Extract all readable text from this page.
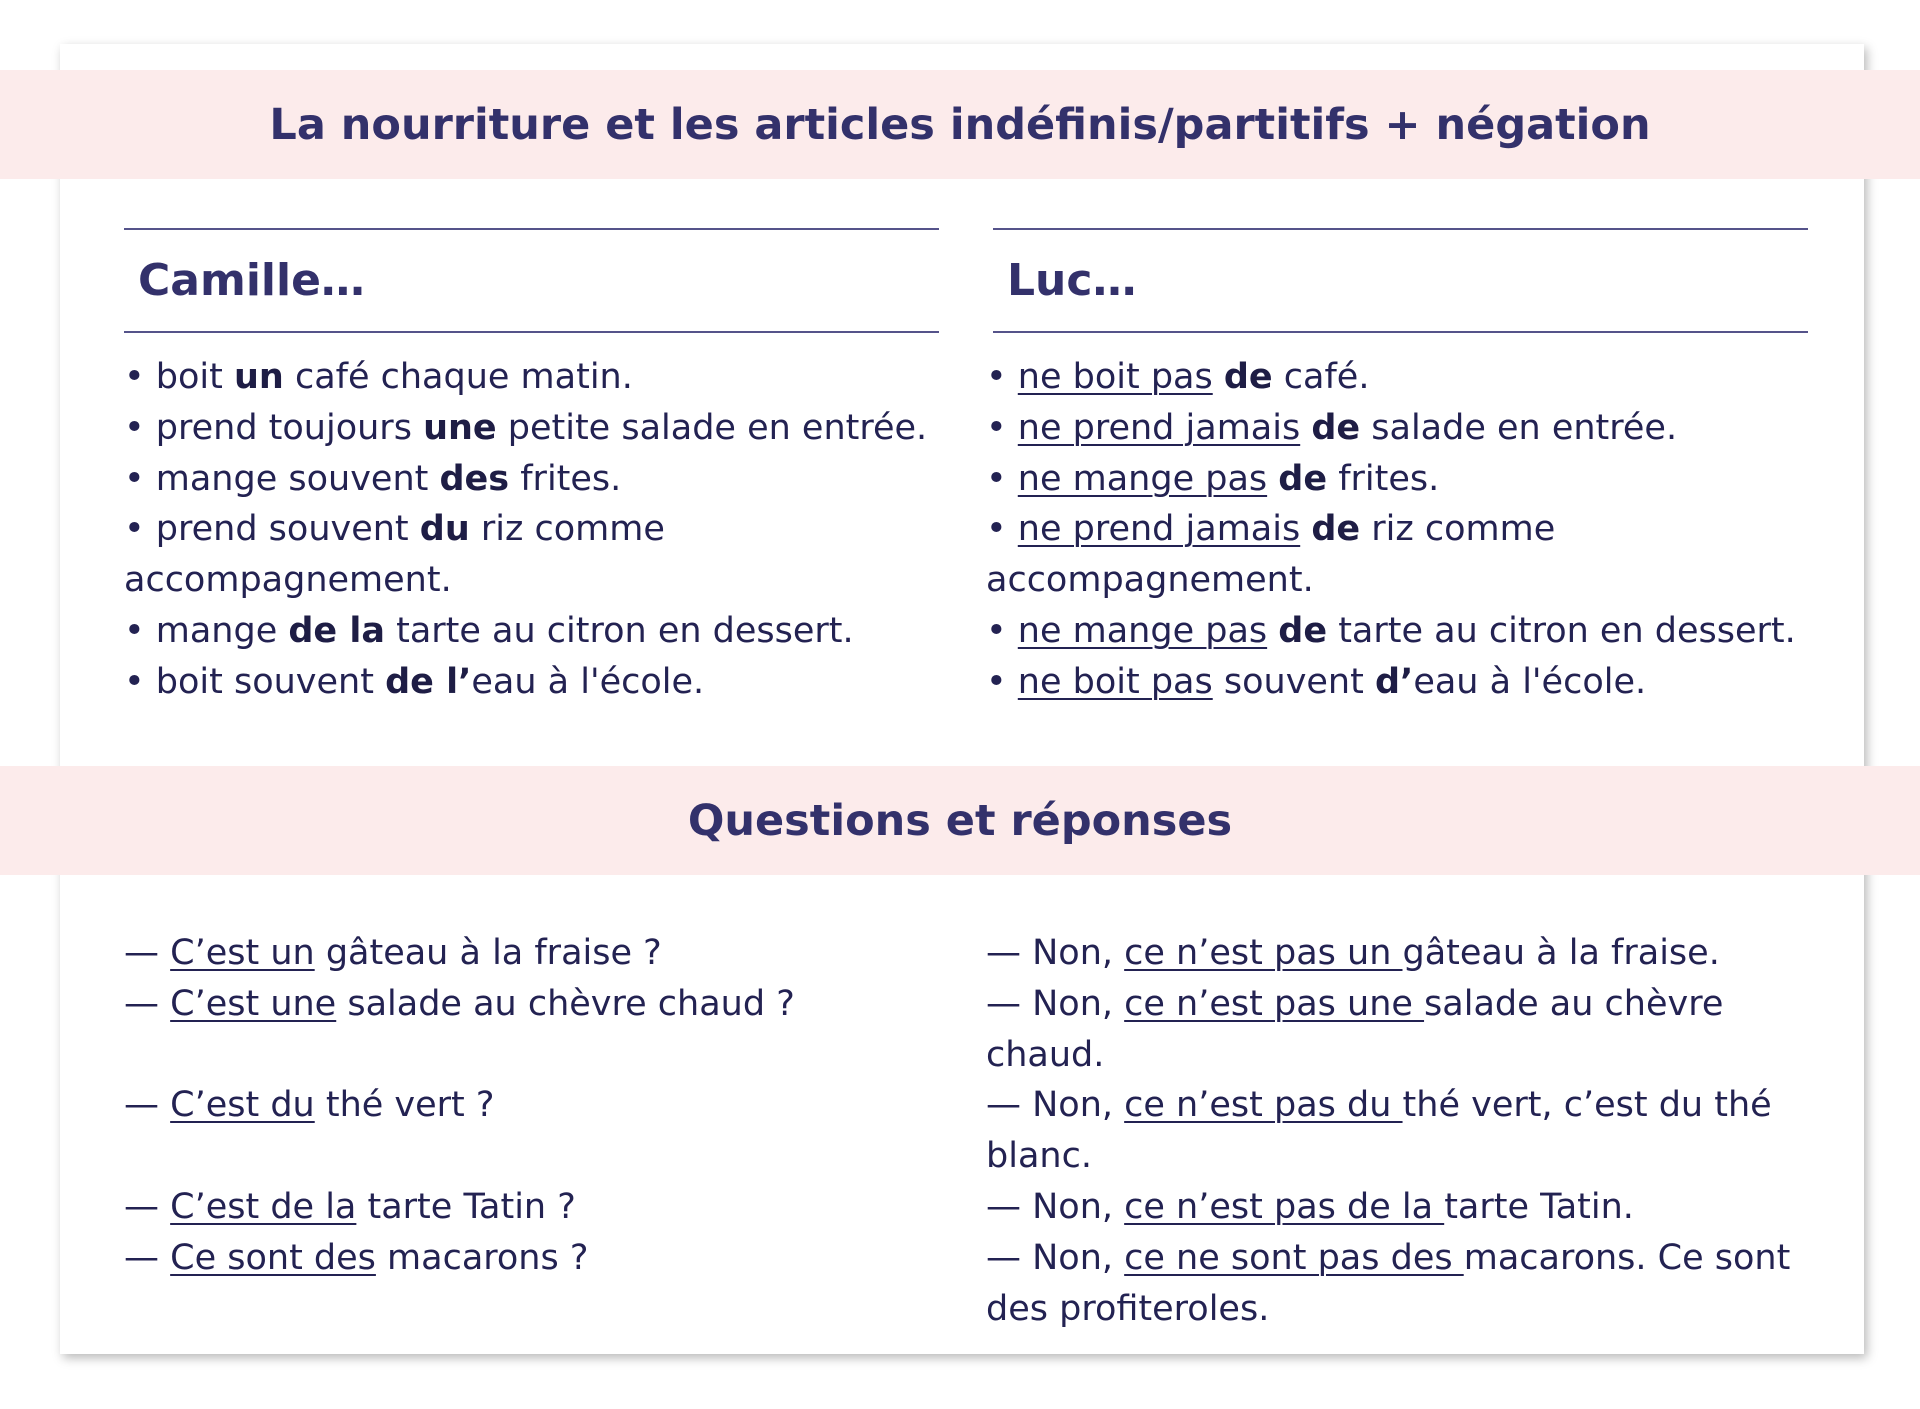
La nourriture et les articles indéfinis/partitifs + négation
Camille…	Luc…
• boit un café chaque matin.
• prend toujours une petite salade en entrée.
• mange souvent des frites.
• prend souvent du riz comme
accompagnement.
• mange de la tarte au citron en dessert.
• boit souvent de l’eau à l'école.
• ne boit pas de café.
• ne prend jamais de salade en entrée.
• ne mange pas de frites.
• ne prend jamais de riz comme
accompagnement.
• ne mange pas de tarte au citron en dessert.
• ne boit pas souvent d’eau à l'école.
Questions et réponses
— C’est un gâteau à la fraise ?
— C’est une salade au chèvre chaud ?
— C’est du thé vert ?
— C’est de la tarte Tatin ?
— Ce sont des macarons ?
— Non, ce n’est pas un gâteau à la fraise.
— Non, ce n’est pas une salade au chèvre
chaud.
— Non, ce n’est pas du thé vert, c’est du thé
blanc.
— Non, ce n’est pas de la tarte Tatin.
— Non, ce ne sont pas des macarons. Ce sont
des profiteroles.
